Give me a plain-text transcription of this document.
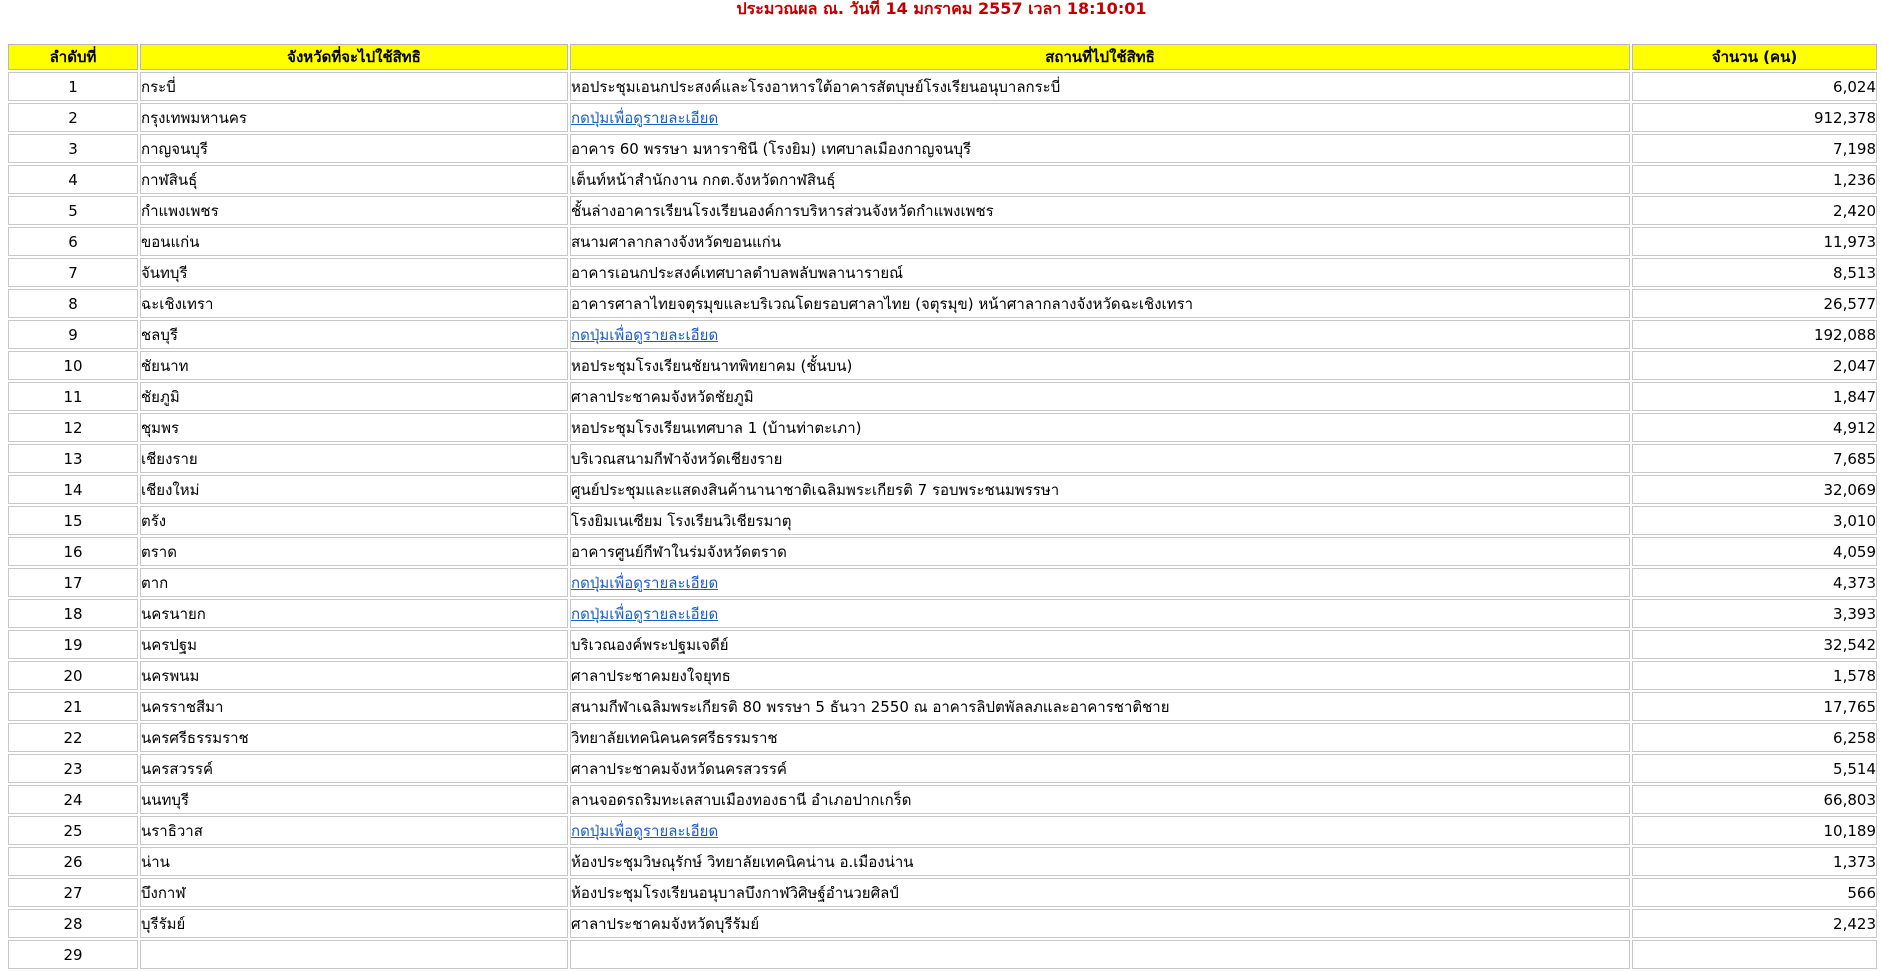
ประมวณผล ณ. วันที่ 14 มกราคม 2557 เวลา 18:10:01
ลำดับที่	จังหวัดที่จะไปใช้สิทธิ	สถานที่ไปใช้สิทธิ	จำนวน (คน)
1	กระบี่	หอประชุมเอนกประสงค์และโรงอาหารใต้อาคารสัตบุษย์โรงเรียนอนุบาลกระบี่	6,024
2	กรุงเทพมหานคร	กดปุ่มเพื่อดูรายละเอียด	912,378
3	กาญจนบุรี	อาคาร 60 พรรษา มหาราชินี (โรงยิม) เทศบาลเมืองกาญจนบุรี	7,198
4	กาฬสินธุ์	เต็นท์หน้าสำนักงาน กกต.จังหวัดกาฬสินธุ์	1,236
5	กำแพงเพชร	ชั้นล่างอาคารเรียนโรงเรียนองค์การบริหารส่วนจังหวัดกำแพงเพชร	2,420
6	ขอนแก่น	สนามศาลากลางจังหวัดขอนแก่น	11,973
7	จันทบุรี	อาคารเอนกประสงค์เทศบาลตำบลพลับพลานารายณ์	8,513
8	ฉะเชิงเทรา	อาคารศาลาไทยจตุรมุขและบริเวณโดยรอบศาลาไทย (จตุรมุข) หน้าศาลากลางจังหวัดฉะเชิงเทรา	26,577
9	ชลบุรี	กดปุ่มเพื่อดูรายละเอียด	192,088
10	ชัยนาท	หอประชุมโรงเรียนชัยนาทพิทยาคม (ชั้นบน)	2,047
11	ชัยภูมิ	ศาลาประชาคมจังหวัดชัยภูมิ	1,847
12	ชุมพร	หอประชุมโรงเรียนเทศบาล 1 (บ้านท่าตะเภา)	4,912
13	เชียงราย	บริเวณสนามกีฬาจังหวัดเชียงราย	7,685
14	เชียงใหม่	ศูนย์ประชุมและแสดงสินค้านานาชาติเฉลิมพระเกียรติ 7 รอบพระชนมพรรษา	32,069
15	ตรัง	โรงยิมเนเซียม โรงเรียนวิเชียรมาตุ	3,010
16	ตราด	อาคารศูนย์กีฬาในร่มจังหวัดตราด	4,059
17	ตาก	กดปุ่มเพื่อดูรายละเอียด	4,373
18	นครนายก	กดปุ่มเพื่อดูรายละเอียด	3,393
19	นครปฐม	บริเวณองค์พระปฐมเจดีย์	32,542
20	นครพนม	ศาลาประชาคมยงใจยุทธ	1,578
21	นครราชสีมา	สนามกีฬาเฉลิมพระเกียรติ 80 พรรษา 5 ธันวา 2550 ณ อาคารลิปตพัลลภและอาคารชาติชาย	17,765
22	นครศรีธรรมราช	วิทยาลัยเทคนิคนครศรีธรรมราช	6,258
23	นครสวรรค์	ศาลาประชาคมจังหวัดนครสวรรค์	5,514
24	นนทบุรี	ลานจอดรถริมทะเลสาบเมืองทองธานี อำเภอปากเกร็ด	66,803
25	นราธิวาส	กดปุ่มเพื่อดูรายละเอียด	10,189
26	น่าน	ห้องประชุมวิษณุรักษ์ วิทยาลัยเทคนิคน่าน อ.เมืองน่าน	1,373
27	บึงกาฬ	ห้องประชุมโรงเรียนอนุบาลบึงกาฬวิศิษฐ์อำนวยศิลป์	566
28	บุรีรัมย์	ศาลาประชาคมจังหวัดบุรีรัมย์	2,423
29			
